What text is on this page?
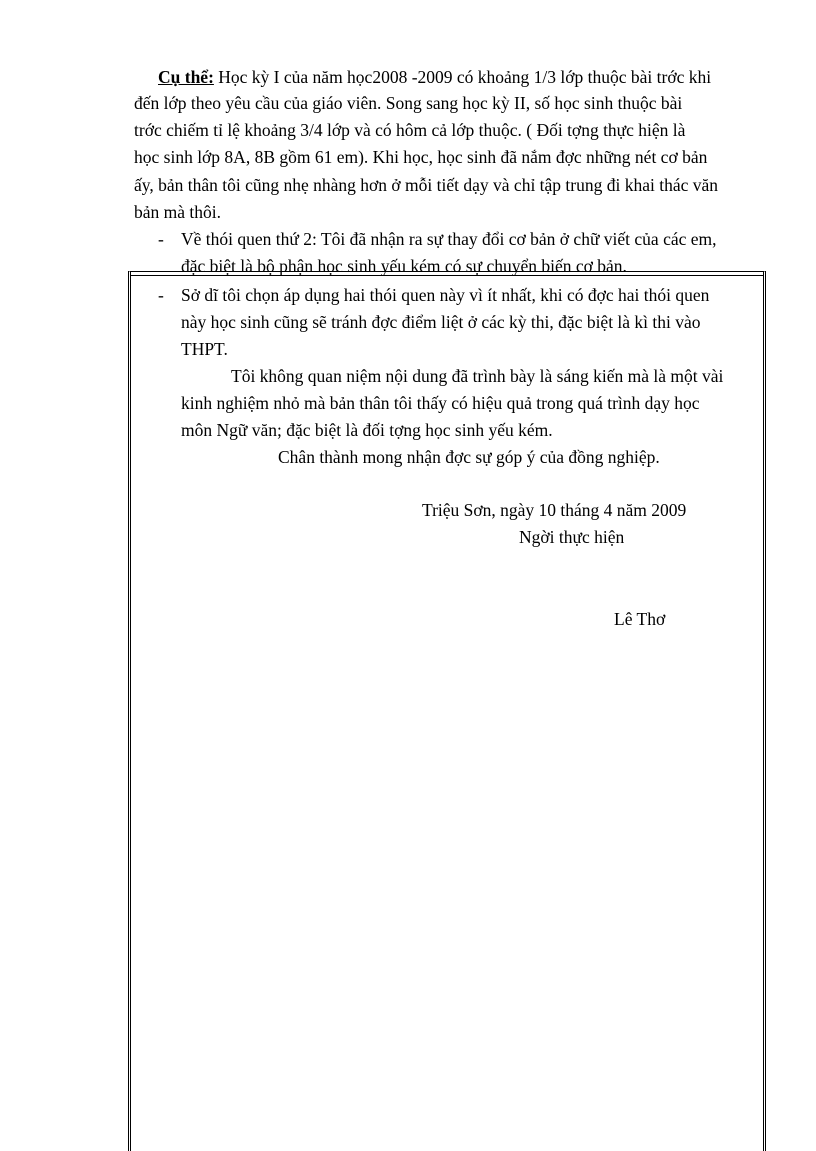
Cụ thể: Học kỳ I của năm học2008 -2009 có khoảng 1/3 lớp thuộc bài trớc khi
đến lớp theo yêu cầu của giáo viên. Song sang học kỳ II, số học sinh thuộc bài
trớc chiếm tỉ lệ khoảng 3/4 lớp và có hôm cả lớp thuộc. ( Đối tợng thực hiện là
học sinh lớp 8A, 8B gồm 61 em). Khi học, học sinh đã nắm đợc những nét cơ bản
ấy, bản thân tôi cũng nhẹ nhàng hơn ở mỗi tiết dạy và chỉ tập trung đi khai thác văn
bản mà thôi.
- Về thói quen thứ 2: Tôi đã nhận ra sự thay đổi cơ bản ở chữ viết của các em,
đặc biệt là bộ phận học sinh yếu kém có sự chuyển biến cơ bản.
- Sở dĩ tôi chọn áp dụng hai thói quen này vì ít nhất, khi có đợc hai thói quen
này học sinh cũng sẽ tránh đợc điểm liệt ở các kỳ thi, đặc biệt là kì thi vào
THPT.
Tôi không quan niệm nội dung đã trình bày là sáng kiến mà là một vài
kinh nghiệm nhỏ mà bản thân tôi thấy có hiệu quả trong quá trình dạy học
môn Ngữ văn; đặc biệt là đối tợng học sinh yếu kém.
Chân thành mong nhận đợc sự góp ý của đồng nghiệp.
Triệu Sơn, ngày 10 tháng 4 năm 2009
Ngời thực hiện
Lê Thơ
